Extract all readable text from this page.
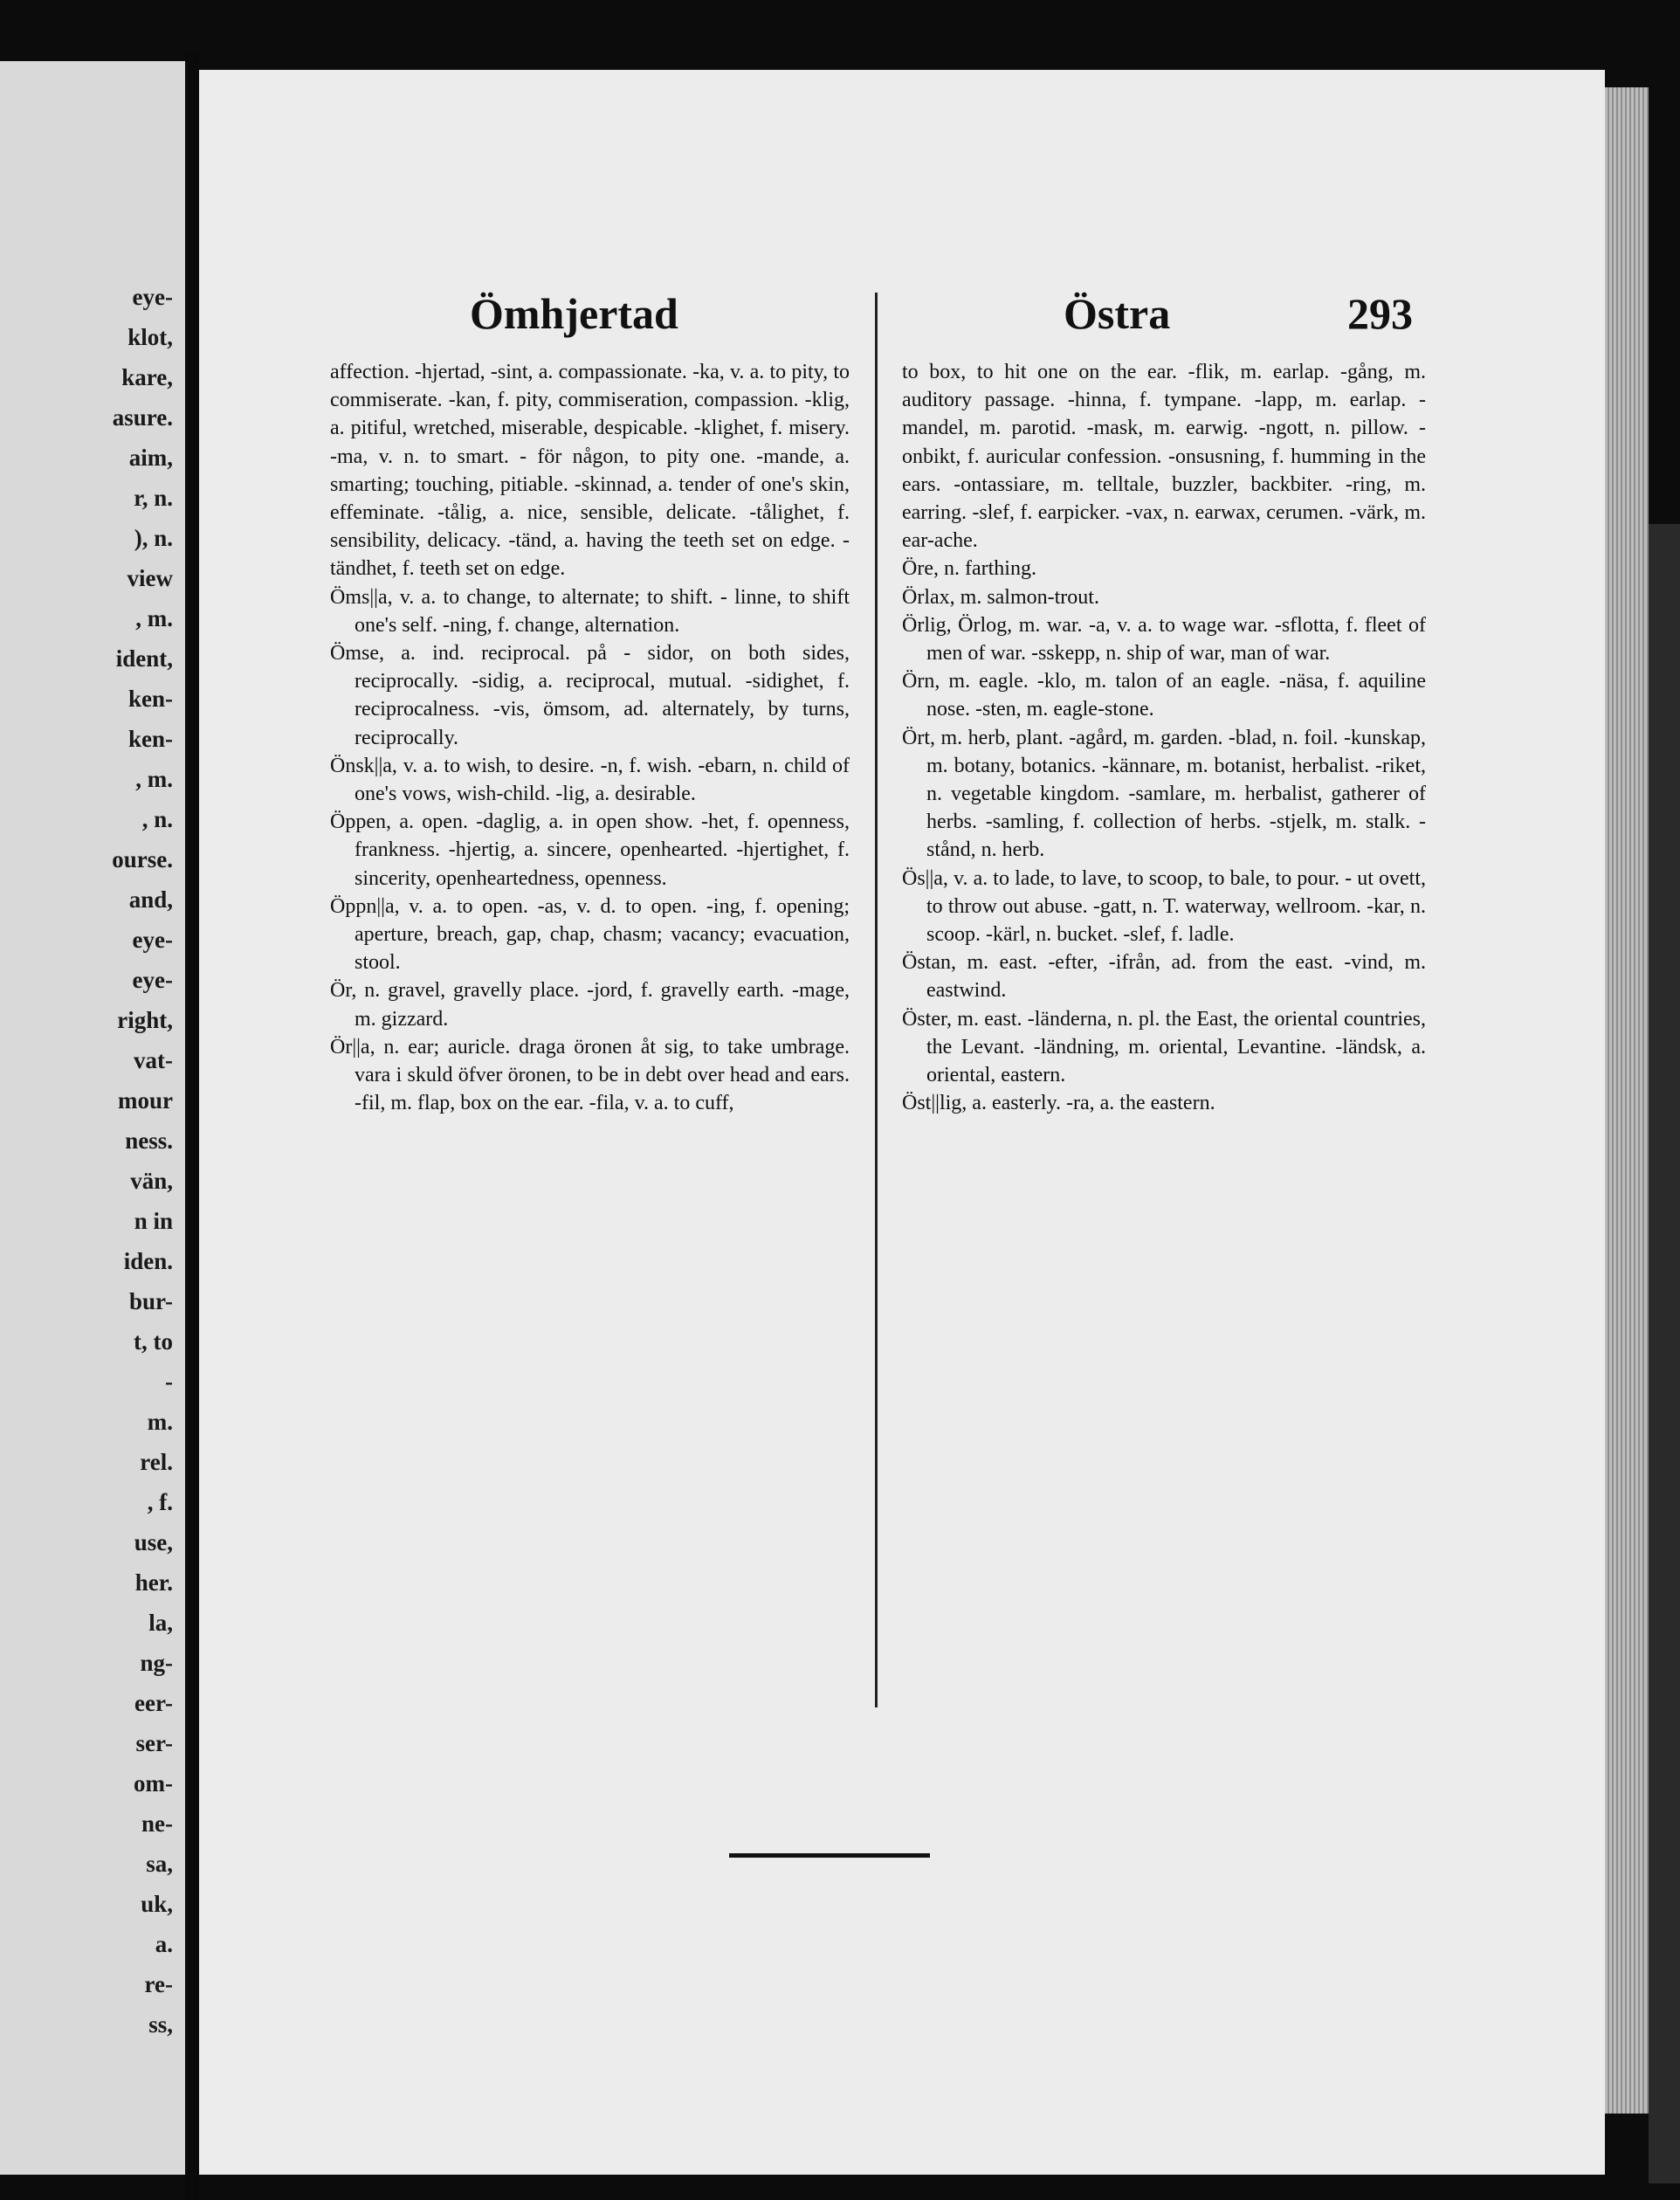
eye-
klot,
kare,
asure.
aim,
r, n.
), n.
view
, m.
ident,
ken-
ken-
, m.
, n.
ourse.
and,
eye-
eye-
right,
vat-
mour
ness.
vän,
n in
iden.
bur-
t, to
-
m.
rel.
, f.
use,
her.
la,
ng-
eer-
ser-
om-
ne-
sa,
uk,
a.
re-
ss,
Ömhjertad	Östra	293

affection. -hjertad, -sint, a. compassionate. -ka, v. a. to pity, to commiserate. -kan, f. pity, commiseration, compassion. -klig, a. pitiful, wretched, miserable, despicable. -klighet, f. misery. -ma, v. n. to smart. - för någon, to pity one. -mande, a. smarting; touching, pitiable. -skinnad, a. tender of one's skin, effeminate. -tålig, a. nice, sensible, delicate. -tålighet, f. sensibility, delicacy. -tänd, a. having the teeth set on edge. -tändhet, f. teeth set on edge.

Öms||a, v. a. to change, to alternate; to shift. - linne, to shift one's self. -ning, f. change, alternation.

Ömse, a. ind. reciprocal. på - sidor, on both sides, reciprocally. -sidig, a. reciprocal, mutual. -sidighet, f. reciprocalness. -vis, ömsom, ad. alternately, by turns, reciprocally.

Önsk||a, v. a. to wish, to desire. -n, f. wish. -ebarn, n. child of one's vows, wish-child. -lig, a. desirable.

Öppen, a. open. -daglig, a. in open show. -het, f. openness, frankness. -hjertig, a. sincere, openhearted. -hjertighet, f. sincerity, openheartedness, openness.

Öppn||a, v. a. to open. -as, v. d. to open. -ing, f. opening; aperture, breach, gap, chap, chasm; vacancy; evacuation, stool.

Ör, n. gravel, gravelly place. -jord, f. gravelly earth. -mage, m. gizzard.

Ör||a, n. ear; auricle. draga öronen åt sig, to take umbrage. vara i skuld öfver öronen, to be in debt over head and ears. -fil, m. flap, box on the ear. -fila, v. a. to cuff,

to box, to hit one on the ear. -flik, m. earlap. -gång, m. auditory passage. -hinna, f. tympane. -lapp, m. earlap. -mandel, m. parotid. -mask, m. earwig. -ngott, n. pillow. -onbikt, f. auricular confession. -onsusning, f. humming in the ears. -ontassiare, m. telltale, buzzler, backbiter. -ring, m. earring. -slef, f. earpicker. -vax, n. earwax, cerumen. -värk, m. ear-ache.

Öre, n. farthing.

Örlax, m. salmon-trout.

Örlig, Örlog, m. war. -a, v. a. to wage war. -sflotta, f. fleet of men of war. -sskepp, n. ship of war, man of war.

Örn, m. eagle. -klo, m. talon of an eagle. -näsa, f. aquiline nose. -sten, m. eagle-stone.

Ört, m. herb, plant. -agård, m. garden. -blad, n. foil. -kunskap, m. botany, botanics. -kännare, m. botanist, herbalist. -riket, n. vegetable kingdom. -samlare, m. herbalist, gatherer of herbs. -samling, f. collection of herbs. -stjelk, m. stalk. -stånd, n. herb.

Ös||a, v. a. to lade, to lave, to scoop, to bale, to pour. - ut ovett, to throw out abuse. -gatt, n. T. waterway, wellroom. -kar, n. scoop. -kärl, n. bucket. -slef, f. ladle.

Östan, m. east. -efter, -ifrån, ad. from the east. -vind, m. eastwind.

Öster, m. east. -länderna, n. pl. the East, the oriental countries, the Levant. -ländning, m. oriental, Levantine. -ländsk, a. oriental, eastern.

Öst||lig, a. easterly. -ra, a. the eastern.
